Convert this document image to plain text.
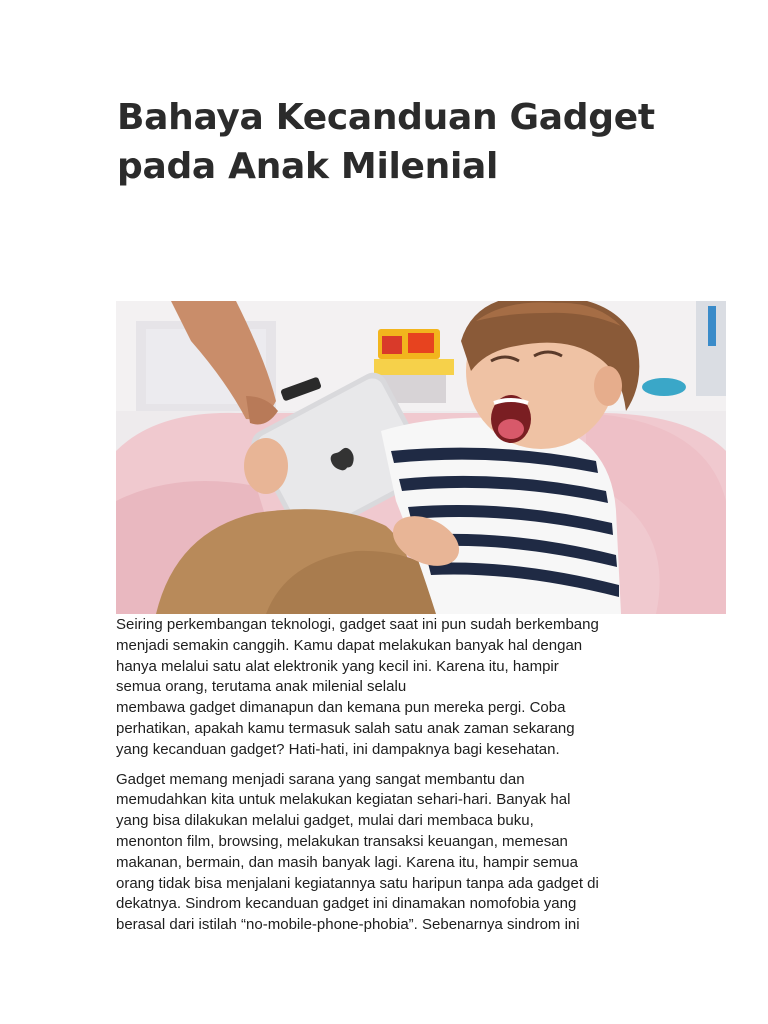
Bahaya Kecanduan Gadget
pada Anak Milenial

Seiring perkembangan teknologi, gadget saat ini pun sudah berkembang
menjadi semakin canggih. Kamu dapat melakukan banyak hal dengan
hanya melalui satu alat elektronik yang kecil ini. Karena itu, hampir
semua orang, terutama anak milenial selalu
membawa gadget dimanapun dan kemana pun mereka pergi. Coba
perhatikan, apakah kamu termasuk salah satu anak zaman sekarang
yang kecanduan gadget? Hati-hati, ini dampaknya bagi kesehatan.

Gadget memang menjadi sarana yang sangat membantu dan
memudahkan kita untuk melakukan kegiatan sehari-hari. Banyak hal
yang bisa dilakukan melalui gadget, mulai dari membaca buku,
menonton film, browsing, melakukan transaksi keuangan, memesan
makanan, bermain, dan masih banyak lagi. Karena itu, hampir semua
orang tidak bisa menjalani kegiatannya satu haripun tanpa ada gadget di
dekatnya. Sindrom kecanduan gadget ini dinamakan nomofobia yang
berasal dari istilah “no-mobile-phone-phobia”. Sebenarnya sindrom ini
